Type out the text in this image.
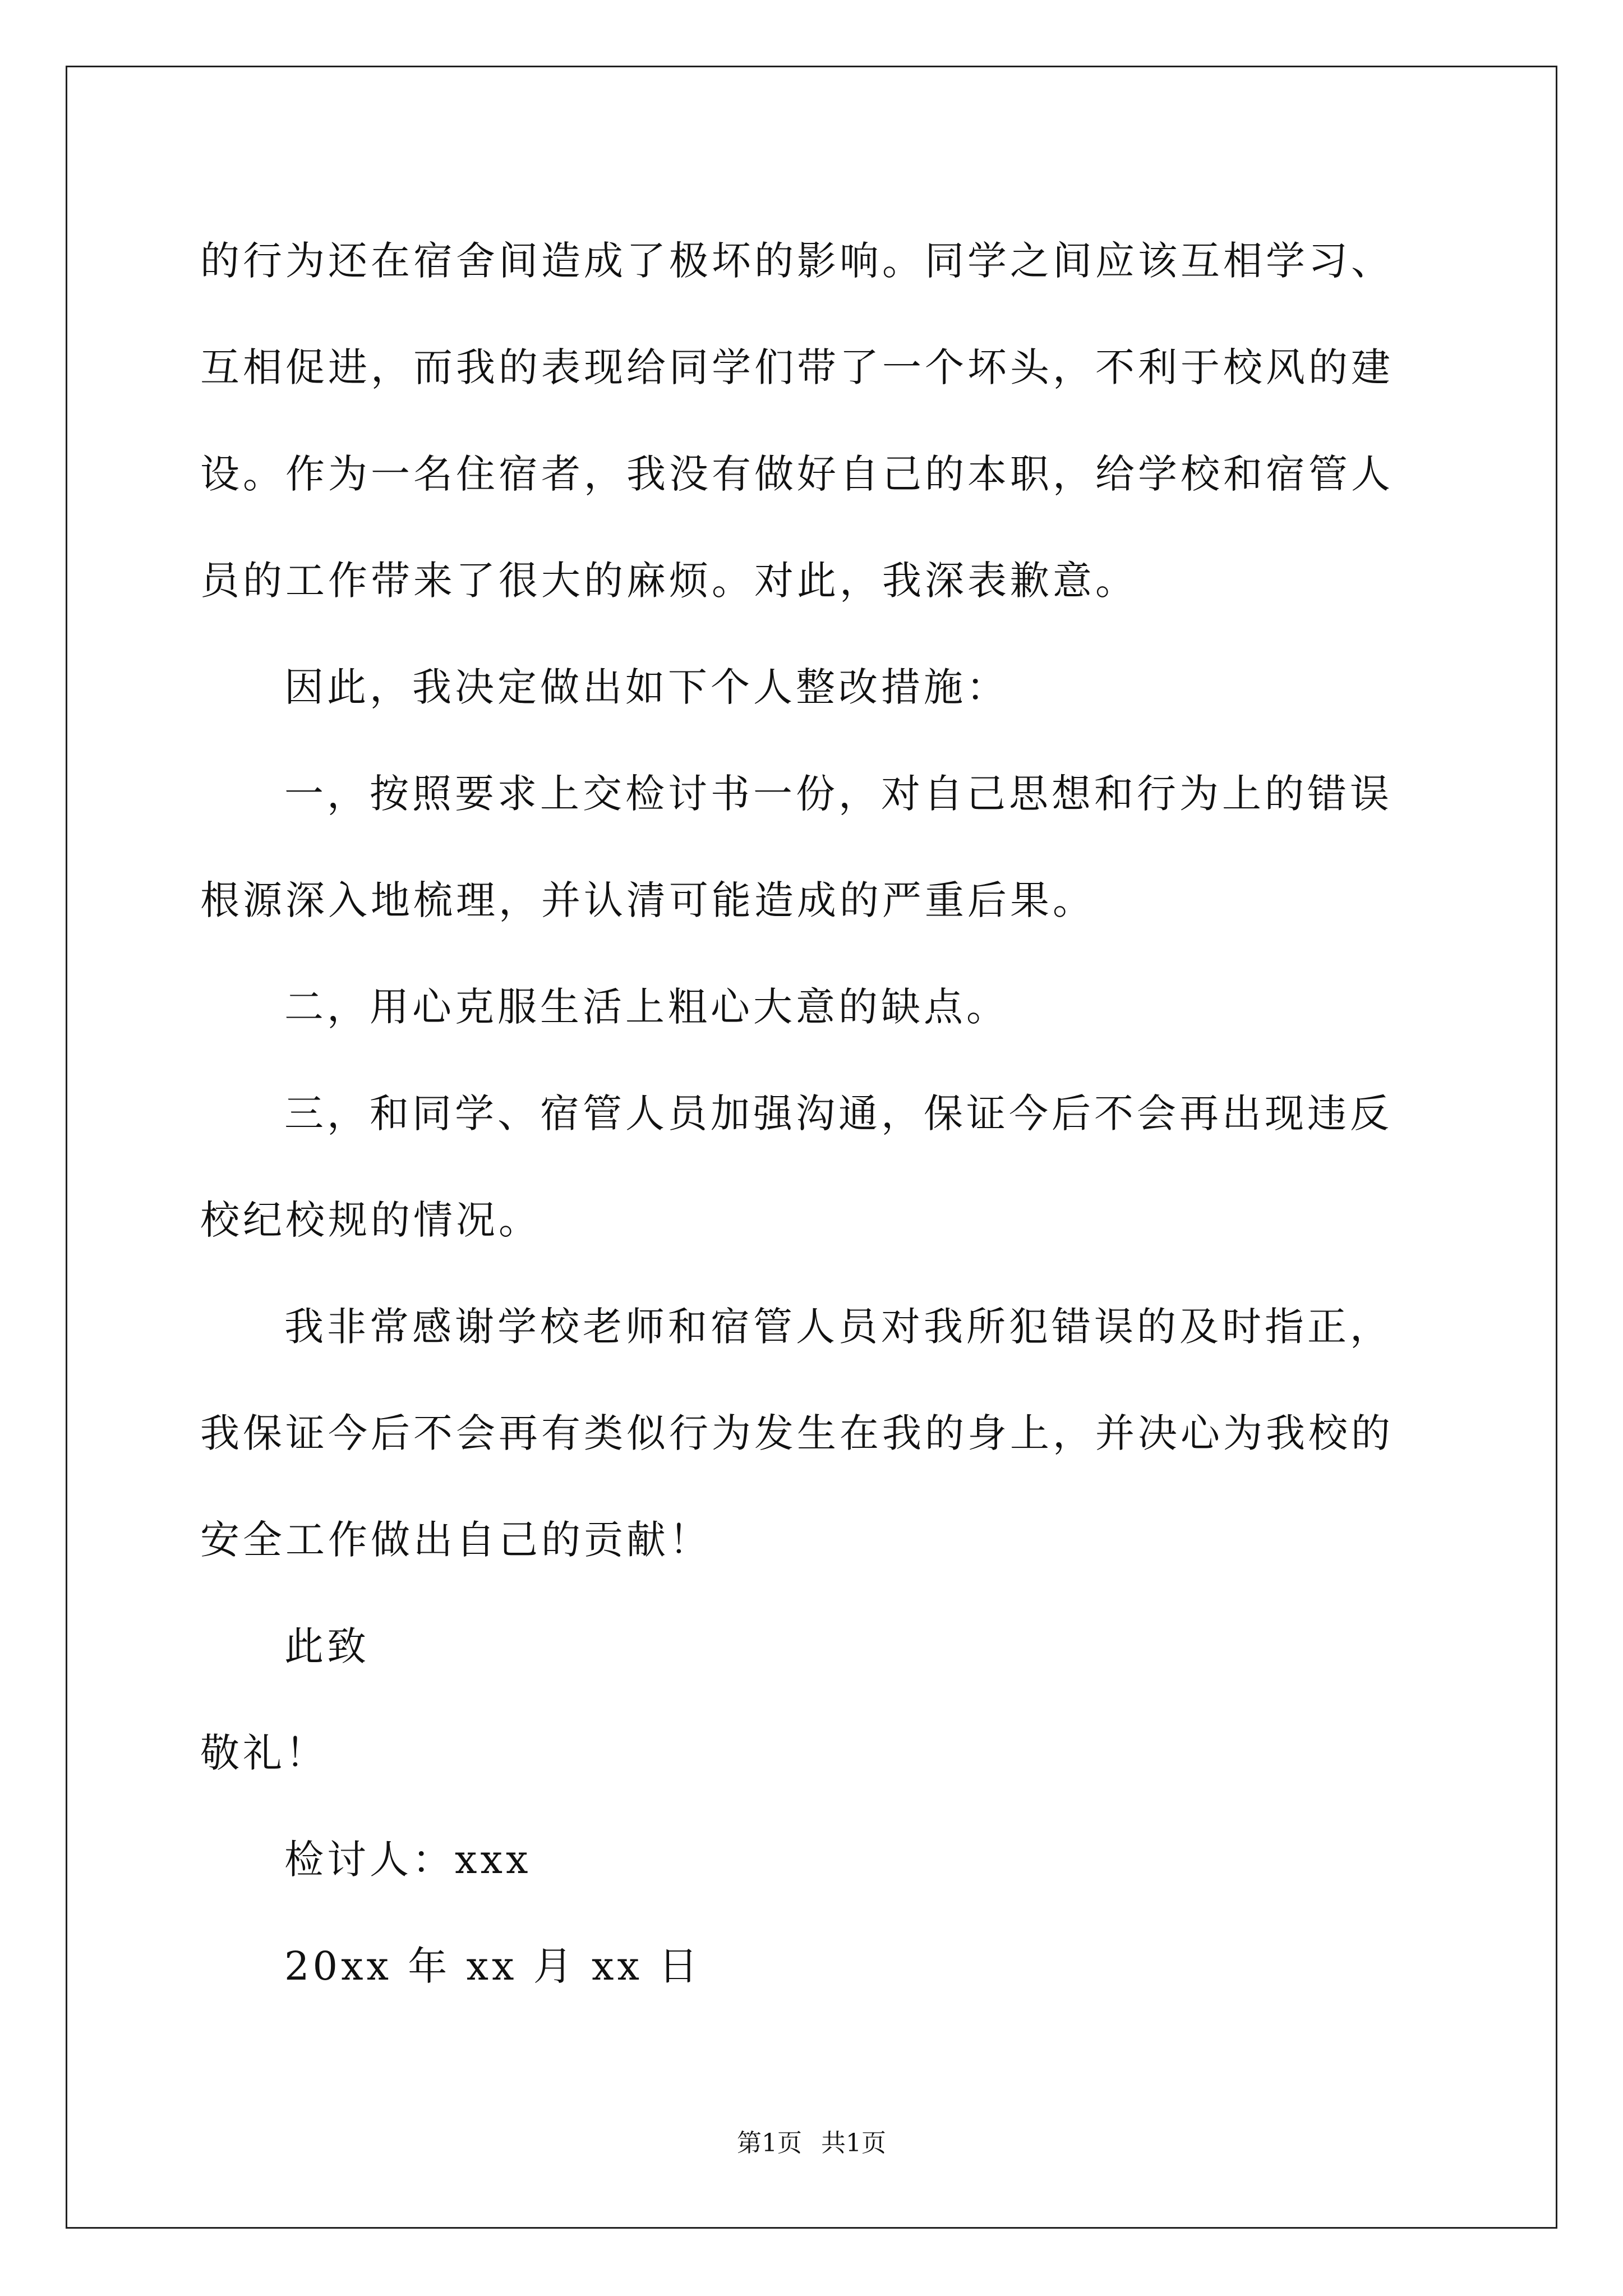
的行为还在宿舍间造成了极坏的影响。同学之间应该互相学习、互相促进，而我的表现给同学们带了一个坏头，不利于校风的建设。作为一名住宿者，我没有做好自己的本职，给学校和宿管人员的工作带来了很大的麻烦。对此，我深表歉意。

因此，我决定做出如下个人整改措施：

一，按照要求上交检讨书一份，对自己思想和行为上的错误根源深入地梳理，并认清可能造成的严重后果。

二，用心克服生活上粗心大意的缺点。

三，和同学、宿管人员加强沟通，保证今后不会再出现违反校纪校规的情况。

我非常感谢学校老师和宿管人员对我所犯错误的及时指正，我保证今后不会再有类似行为发生在我的身上，并决心为我校的安全工作做出自己的贡献！

此致

敬礼！

检讨人：xxx

20xx 年 xx 月 xx 日

第1页 共1页
